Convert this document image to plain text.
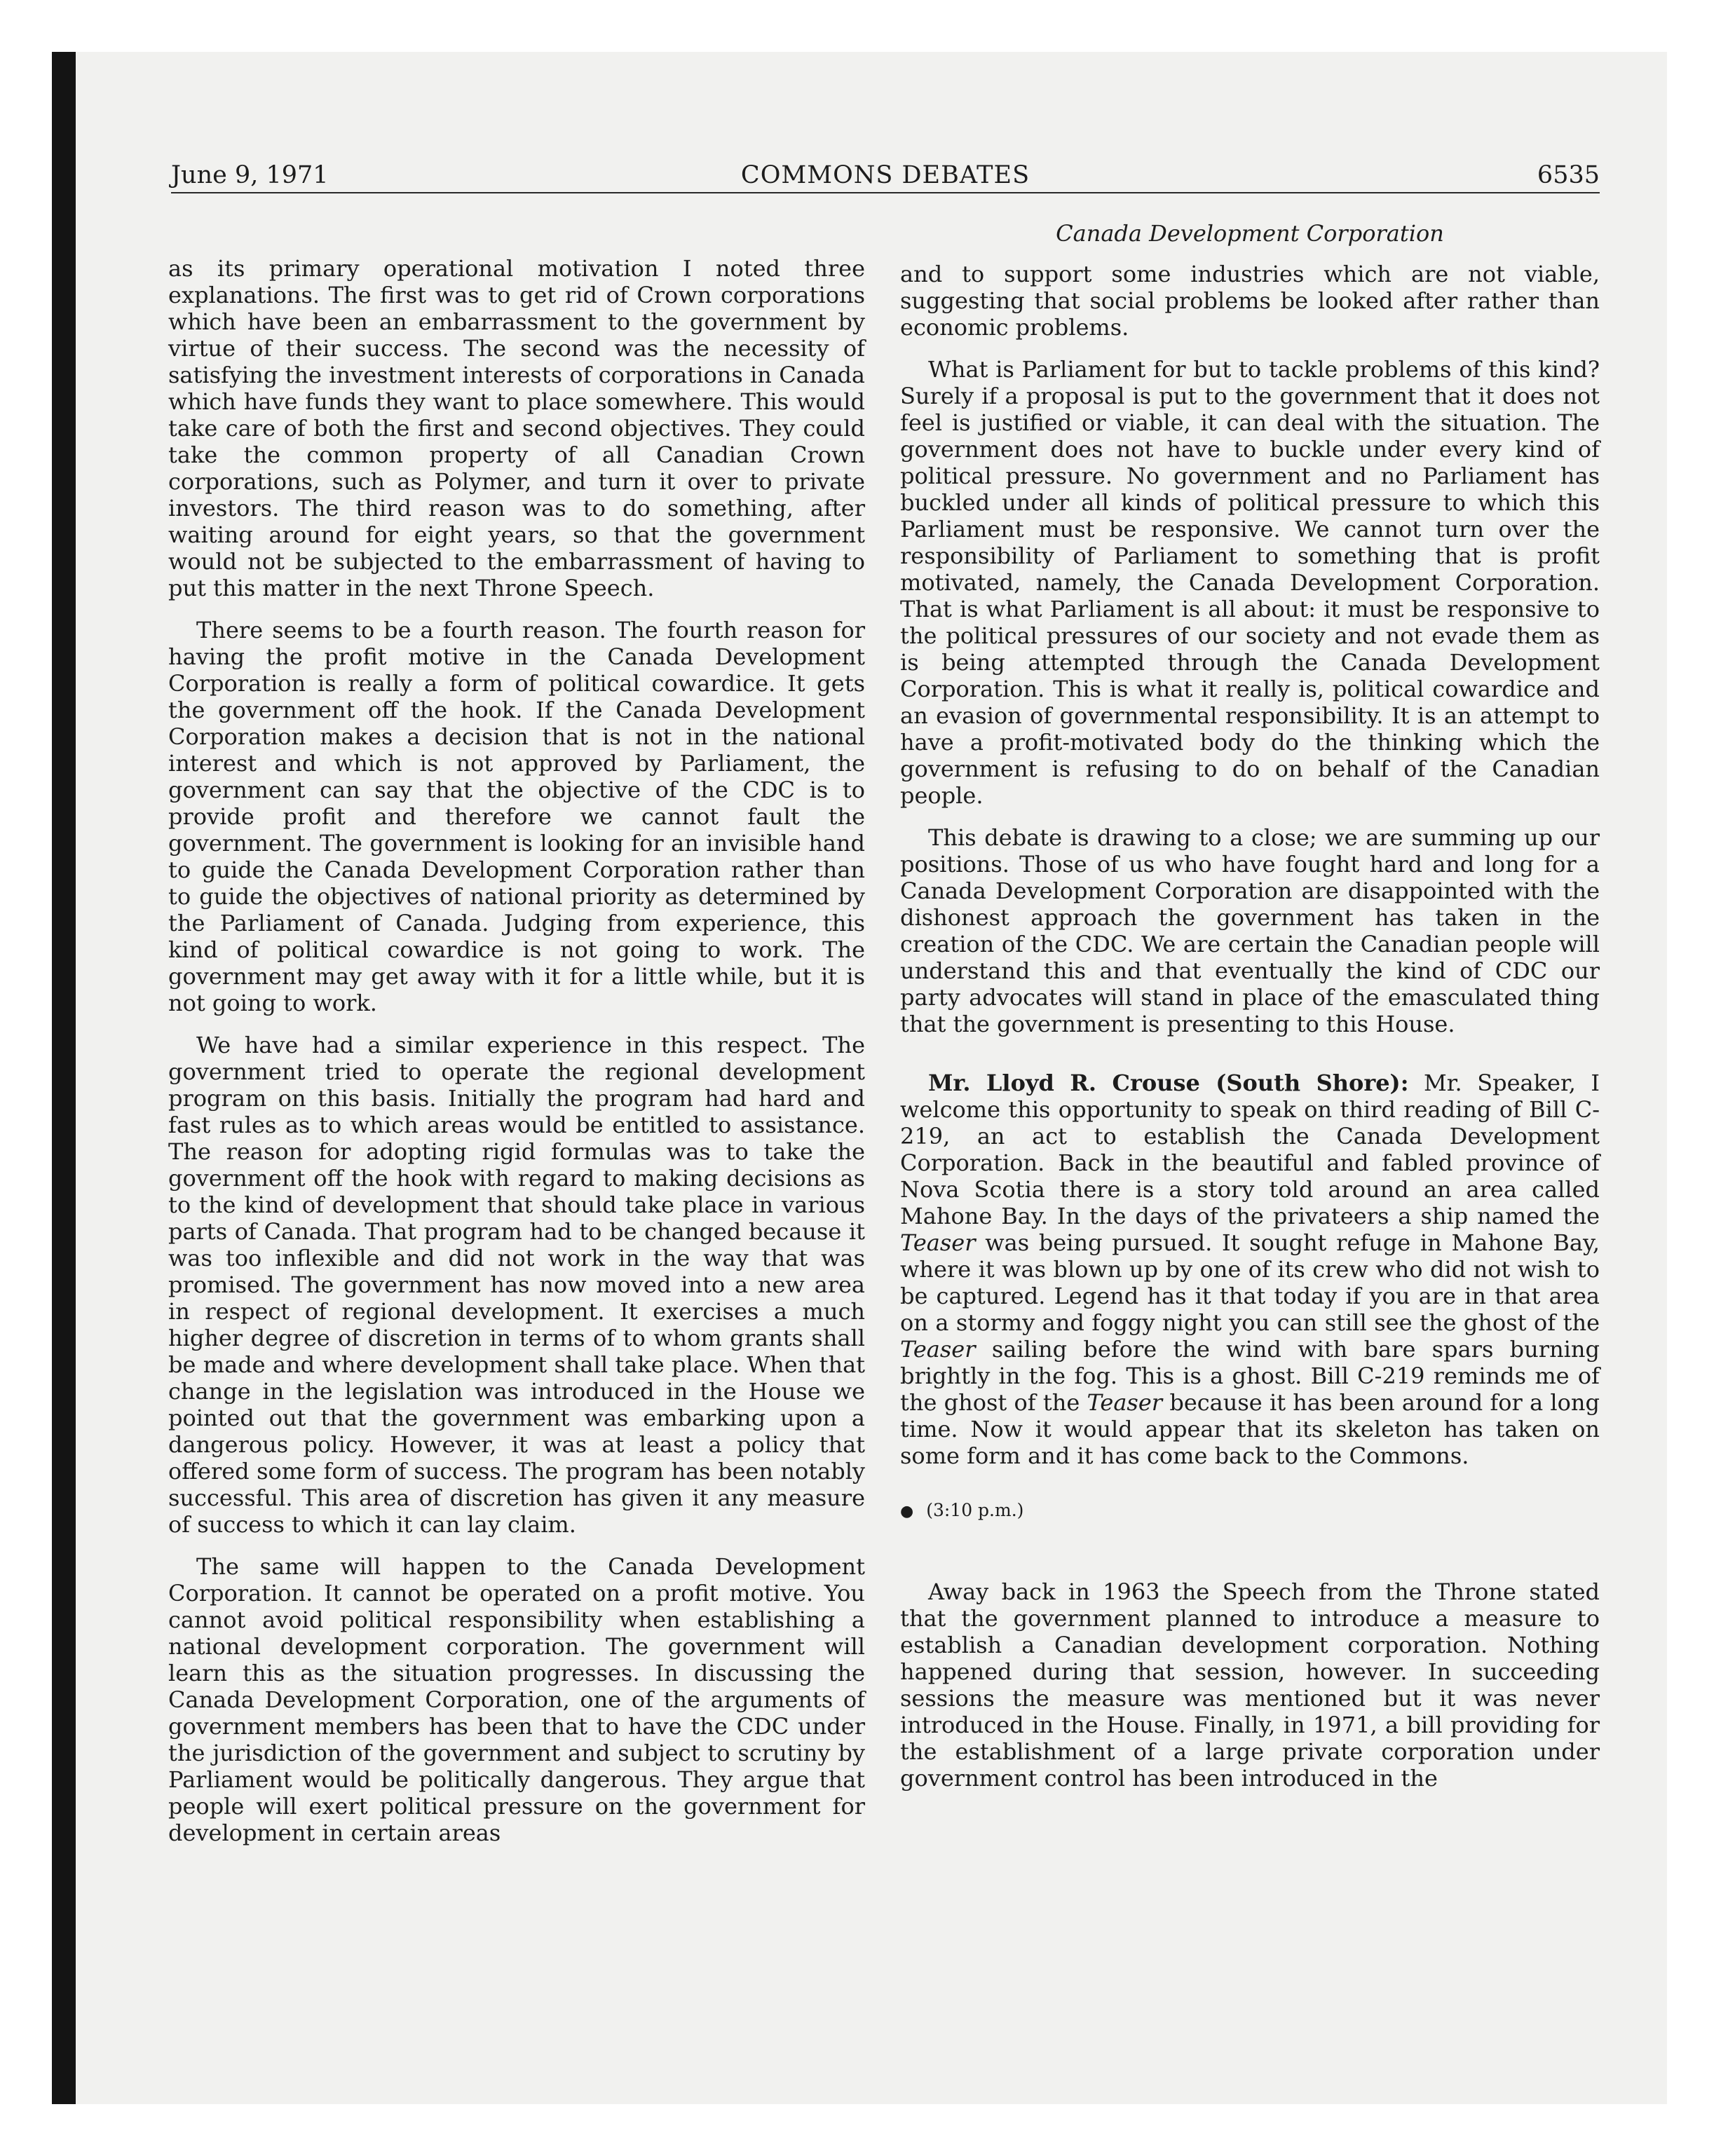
June 9, 1971	COMMONS DEBATES	6535
Canada Development Corporation

as its primary operational motivation I noted three explanations. The first was to get rid of Crown corporations which have been an embarrassment to the government by virtue of their success. The second was the necessity of satisfying the investment interests of corporations in Canada which have funds they want to place somewhere. This would take care of both the first and second objectives. They could take the common property of all Canadian Crown corporations, such as Polymer, and turn it over to private investors. The third reason was to do something, after waiting around for eight years, so that the government would not be subjected to the embarrassment of having to put this matter in the next Throne Speech.

There seems to be a fourth reason. The fourth reason for having the profit motive in the Canada Development Corporation is really a form of political cowardice. It gets the government off the hook. If the Canada Development Corporation makes a decision that is not in the national interest and which is not approved by Parliament, the government can say that the objective of the CDC is to provide profit and therefore we cannot fault the government. The government is looking for an invisible hand to guide the Canada Development Corporation rather than to guide the objectives of national priority as determined by the Parliament of Canada. Judging from experience, this kind of political cowardice is not going to work. The government may get away with it for a little while, but it is not going to work.

We have had a similar experience in this respect. The government tried to operate the regional development program on this basis. Initially the program had hard and fast rules as to which areas would be entitled to assistance. The reason for adopting rigid formulas was to take the government off the hook with regard to making decisions as to the kind of development that should take place in various parts of Canada. That program had to be changed because it was too inflexible and did not work in the way that was promised. The government has now moved into a new area in respect of regional development. It exercises a much higher degree of discretion in terms of to whom grants shall be made and where development shall take place. When that change in the legislation was introduced in the House we pointed out that the government was embarking upon a dangerous policy. However, it was at least a policy that offered some form of success. The program has been notably successful. This area of discretion has given it any measure of success to which it can lay claim.

The same will happen to the Canada Development Corporation. It cannot be operated on a profit motive. You cannot avoid political responsibility when establishing a national development corporation. The government will learn this as the situation progresses. In discussing the Canada Development Corporation, one of the arguments of government members has been that to have the CDC under the jurisdiction of the government and subject to scrutiny by Parliament would be politically dangerous. They argue that people will exert political pressure on the government for development in certain areas

and to support some industries which are not viable, suggesting that social problems be looked after rather than economic problems.

What is Parliament for but to tackle problems of this kind? Surely if a proposal is put to the government that it does not feel is justified or viable, it can deal with the situation. The government does not have to buckle under every kind of political pressure. No government and no Parliament has buckled under all kinds of political pressure to which this Parliament must be responsive. We cannot turn over the responsibility of Parliament to something that is profit motivated, namely, the Canada Development Corporation. That is what Parliament is all about: it must be responsive to the political pressures of our society and not evade them as is being attempted through the Canada Development Corporation. This is what it really is, political cowardice and an evasion of governmental responsibility. It is an attempt to have a profit-motivated body do the thinking which the government is refusing to do on behalf of the Canadian people.

This debate is drawing to a close; we are summing up our positions. Those of us who have fought hard and long for a Canada Development Corporation are disappointed with the dishonest approach the government has taken in the creation of the CDC. We are certain the Canadian people will understand this and that eventually the kind of CDC our party advocates will stand in place of the emasculated thing that the government is presenting to this House.

Mr. Lloyd R. Crouse (South Shore): Mr. Speaker, I welcome this opportunity to speak on third reading of Bill C-219, an act to establish the Canada Development Corporation. Back in the beautiful and fabled province of Nova Scotia there is a story told around an area called Mahone Bay. In the days of the privateers a ship named the Teaser was being pursued. It sought refuge in Mahone Bay, where it was blown up by one of its crew who did not wish to be captured. Legend has it that today if you are in that area on a stormy and foggy night you can still see the ghost of the Teaser sailing before the wind with bare spars burning brightly in the fog. This is a ghost. Bill C-219 reminds me of the ghost of the Teaser because it has been around for a long time. Now it would appear that its skeleton has taken on some form and it has come back to the Commons.

● (3:10 p.m.)

Away back in 1963 the Speech from the Throne stated that the government planned to introduce a measure to establish a Canadian development corporation. Nothing happened during that session, however. In succeeding sessions the measure was mentioned but it was never introduced in the House. Finally, in 1971, a bill providing for the establishment of a large private corporation under government control has been introduced in the
